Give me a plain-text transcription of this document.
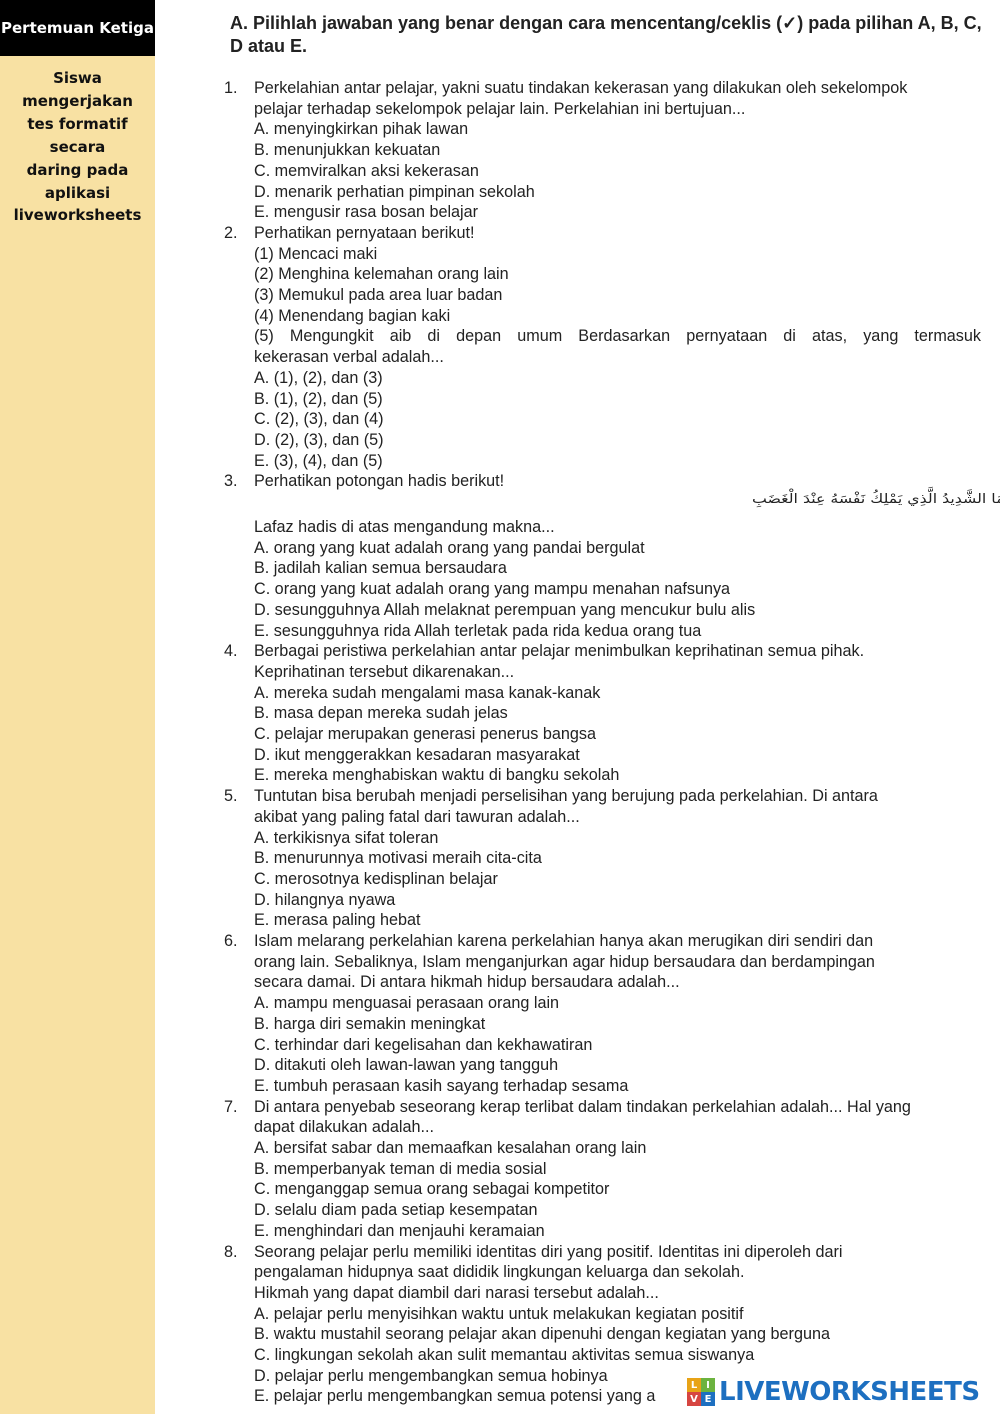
Pertemuan Ketiga
Siswa
mengerjakan
tes formatif
secara
daring pada
aplikasi
liveworksheets
A. Pilihlah jawaban yang benar dengan cara mencentang/ceklis (✓) pada pilihan A, B, C, D atau E.
1. Perkelahian antar pelajar, yakni suatu tindakan kekerasan yang dilakukan oleh sekelompok
pelajar terhadap sekelompok pelajar lain. Perkelahian ini bertujuan...
A. menyingkirkan pihak lawan
B. menunjukkan kekuatan
C. memviralkan aksi kekerasan
D. menarik perhatian pimpinan sekolah
E. mengusir rasa bosan belajar
2. Perhatikan pernyataan berikut!
(1) Mencaci maki
(2) Menghina kelemahan orang lain
(3) Memukul pada area luar badan
(4) Menendang bagian kaki
(5) Mengungkit aib di depan umum Berdasarkan pernyataan di atas, yang termasuk
kekerasan verbal adalah...
A. (1), (2), dan (3)
B. (1), (2), dan (5)
C. (2), (3), dan (4)
D. (2), (3), dan (5)
E. (3), (4), dan (5)
3. Perhatikan potongan hadis berikut!
إِنَّمَا الشَّدِيدُ الَّذِي يَمْلِكُ نَفْسَهُ عِنْدَ الْغَضَبِ
Lafaz hadis di atas mengandung makna...
A. orang yang kuat adalah orang yang pandai bergulat
B. jadilah kalian semua bersaudara
C. orang yang kuat adalah orang yang mampu menahan nafsunya
D. sesungguhnya Allah melaknat perempuan yang mencukur bulu alis
E. sesungguhnya rida Allah terletak pada rida kedua orang tua
4. Berbagai peristiwa perkelahian antar pelajar menimbulkan keprihatinan semua pihak.
Keprihatinan tersebut dikarenakan...
A. mereka sudah mengalami masa kanak-kanak
B. masa depan mereka sudah jelas
C. pelajar merupakan generasi penerus bangsa
D. ikut menggerakkan kesadaran masyarakat
E. mereka menghabiskan waktu di bangku sekolah
5. Tuntutan bisa berubah menjadi perselisihan yang berujung pada perkelahian. Di antara
akibat yang paling fatal dari tawuran adalah...
A. terkikisnya sifat toleran
B. menurunnya motivasi meraih cita-cita
C. merosotnya kedisplinan belajar
D. hilangnya nyawa
E. merasa paling hebat
6. Islam melarang perkelahian karena perkelahian hanya akan merugikan diri sendiri dan
orang lain. Sebaliknya, Islam menganjurkan agar hidup bersaudara dan berdampingan
secara damai. Di antara hikmah hidup bersaudara adalah...
A. mampu menguasai perasaan orang lain
B. harga diri semakin meningkat
C. terhindar dari kegelisahan dan kekhawatiran
D. ditakuti oleh lawan-lawan yang tangguh
E. tumbuh perasaan kasih sayang terhadap sesama
7. Di antara penyebab seseorang kerap terlibat dalam tindakan perkelahian adalah... Hal yang
dapat dilakukan adalah...
A. bersifat sabar dan memaafkan kesalahan orang lain
B. memperbanyak teman di media sosial
C. menganggap semua orang sebagai kompetitor
D. selalu diam pada setiap kesempatan
E. menghindari dan menjauhi keramaian
8. Seorang pelajar perlu memiliki identitas diri yang positif. Identitas ini diperoleh dari
pengalaman hidupnya saat dididik lingkungan keluarga dan sekolah.
Hikmah yang dapat diambil dari narasi tersebut adalah...
A. pelajar perlu menyisihkan waktu untuk melakukan kegiatan positif
B. waktu mustahil seorang pelajar akan dipenuhi dengan kegiatan yang berguna
C. lingkungan sekolah akan sulit memantau aktivitas semua siswanya
D. pelajar perlu mengembangkan semua hobinya
E. pelajar perlu mengembangkan semua potensi yang a
L I
V E LIVEWORKSHEETS
